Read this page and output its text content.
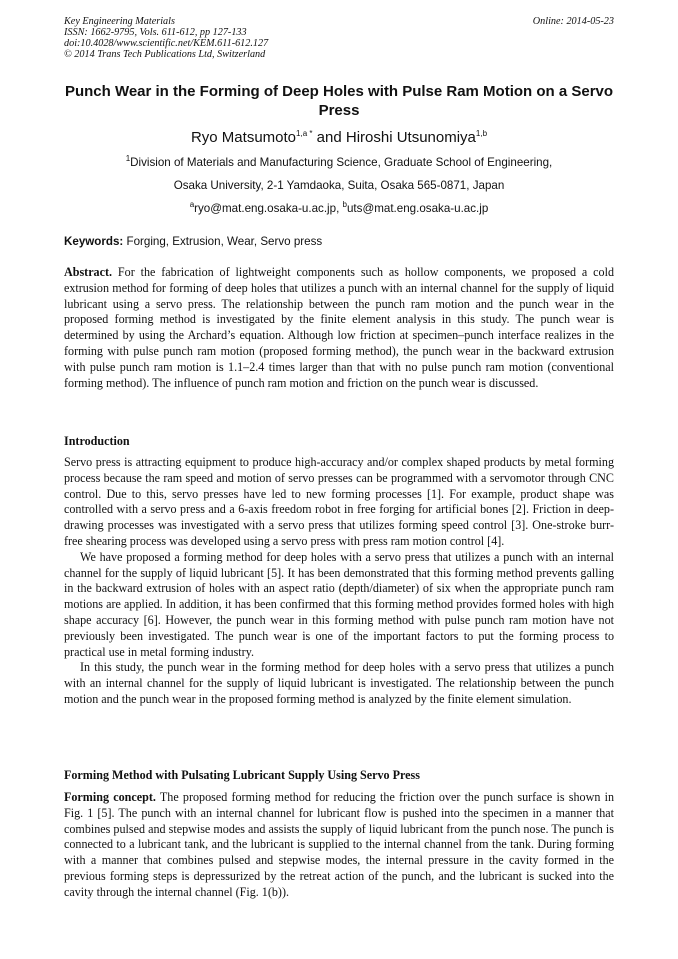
Key Engineering Materials
ISSN: 1662-9795, Vols. 611-612, pp 127-133
doi:10.4028/www.scientific.net/KEM.611-612.127
© 2014 Trans Tech Publications Ltd, Switzerland
Online: 2014-05-23
Punch Wear in the Forming of Deep Holes with Pulse Ram Motion on a Servo Press
Ryo Matsumoto$^{1,a *}$ and Hiroshi Utsunomiya$^{1,b}$
$^1$Division of Materials and Manufacturing Science, Graduate School of Engineering,
Osaka University, 2-1 Yamdaoka, Suita, Osaka 565-0871, Japan
$^a$ryo@mat.eng.osaka-u.ac.jp, $^b$uts@mat.eng.osaka-u.ac.jp
Keywords: Forging, Extrusion, Wear, Servo press

Abstract. For the fabrication of lightweight components such as hollow components, we proposed a cold extrusion method for forming of deep holes that utilizes a punch with an internal channel for the supply of liquid lubricant using a servo press. The relationship between the punch ram motion and the punch wear in the proposed forming method is investigated by the finite element analysis in this study. The punch wear is determined by using the Archard’s equation. Although low friction at specimen–punch interface realizes in the forming with pulse punch ram motion (proposed forming method), the punch wear in the backward extrusion with pulse punch ram motion is 1.1–2.4 times larger than that with no pulse punch ram motion (conventional forming method). The influence of punch ram motion and friction on the punch wear is discussed.

Introduction

Servo press is attracting equipment to produce high-accuracy and/or complex shaped products by metal forming process because the ram speed and motion of servo presses can be programmed with a servomotor through CNC control. Due to this, servo presses have led to new forming processes [1]. For example, product shape was controlled with a servo press and a 6-axis freedom robot in free forging for artificial bones [2]. Friction in deep-drawing processes was investigated with a servo press that utilizes forming speed control [3]. One-stroke burr-free shearing process was developed using a servo press with press ram motion control [4].

We have proposed a forming method for deep holes with a servo press that utilizes a punch with an internal channel for the supply of liquid lubricant [5]. It has been demonstrated that this forming method prevents galling in the backward extrusion of holes with an aspect ratio (depth/diameter) of six when the appropriate punch ram motions are applied. In addition, it has been confirmed that this forming method provides formed holes with high shape accuracy [6]. However, the punch wear in this forming method with pulse punch ram motion have not previously been investigated. The punch wear is one of the important factors to put the forming process to practical use in metal forming industry.

In this study, the punch wear in the forming method for deep holes with a servo press that utilizes a punch with an internal channel for the supply of liquid lubricant is investigated. The relationship between the punch motion and the punch wear in the proposed forming method is analyzed by the finite element simulation.

Forming Method with Pulsating Lubricant Supply Using Servo Press

Forming concept. The proposed forming method for reducing the friction over the punch surface is shown in Fig. 1 [5]. The punch with an internal channel for lubricant flow is pushed into the specimen in a manner that combines pulsed and stepwise modes and assists the supply of liquid lubricant from the punch nose. The punch is connected to a lubricant tank, and the lubricant is supplied to the internal channel from the tank. During forming with a manner that combines pulsed and stepwise modes, the internal pressure in the cavity formed in the previous forming steps is depressurized by the retreat action of the punch, and the lubricant is sucked into the cavity through the internal channel (Fig. 1(b)).
